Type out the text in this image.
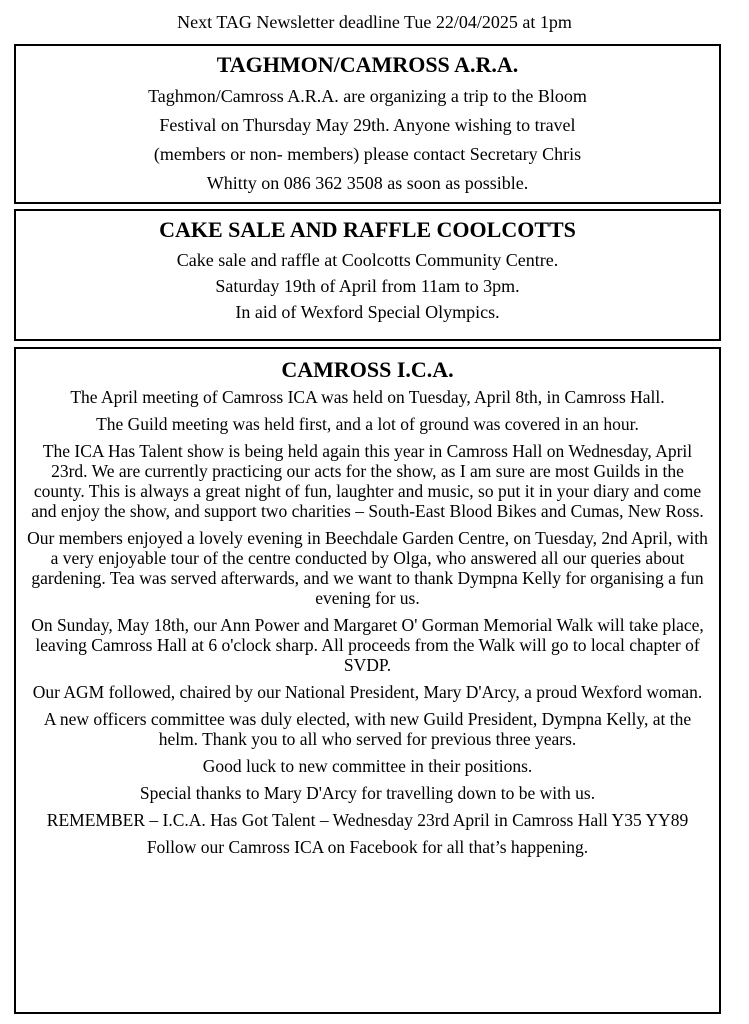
Next TAG Newsletter deadline Tue 22/04/2025 at 1pm
TAGHMON/CAMROSS A.R.A.

Taghmon/Camross A.R.A. are organizing a trip to the Bloom

Festival on Thursday May 29th. Anyone wishing to travel

(members or non- members) please contact Secretary Chris

Whitty on 086 362 3508 as soon as possible.

CAKE SALE AND RAFFLE COOLCOTTS

Cake sale and raffle at Coolcotts Community Centre.

Saturday 19th of April from 11am to 3pm.

In aid of Wexford Special Olympics.

CAMROSS I.C.A.

The April meeting of Camross ICA was held on Tuesday, April 8th, in Camross Hall.

The Guild meeting was held first, and a lot of ground was covered in an hour.

The ICA Has Talent show is being held again this year in Camross Hall on Wednesday, April 23rd. We are currently practicing our acts for the show, as I am sure are most Guilds in the county. This is always a great night of fun, laughter and music, so put it in your diary and come and enjoy the show, and support two charities – South-East Blood Bikes and Cumas, New Ross.

Our members enjoyed a lovely evening in Beechdale Garden Centre, on Tuesday, 2nd April, with a very enjoyable tour of the centre conducted by Olga, who answered all our queries about gardening. Tea was served afterwards, and we want to thank Dympna Kelly for organising a fun evening for us.

On Sunday, May 18th, our Ann Power and Margaret O' Gorman Memorial Walk will take place, leaving Camross Hall at 6 o'clock sharp. All proceeds from the Walk will go to local chapter of SVDP.

Our AGM followed, chaired by our National President, Mary D'Arcy, a proud Wexford woman.

A new officers committee was duly elected, with new Guild President, Dympna Kelly, at the helm. Thank you to all who served for previous three years.

Good luck to new committee in their positions.

Special thanks to Mary D'Arcy for travelling down to be with us.

REMEMBER – I.C.A. Has Got Talent – Wednesday 23rd April in Camross Hall Y35 YY89

Follow our Camross ICA on Facebook for all that’s happening.
